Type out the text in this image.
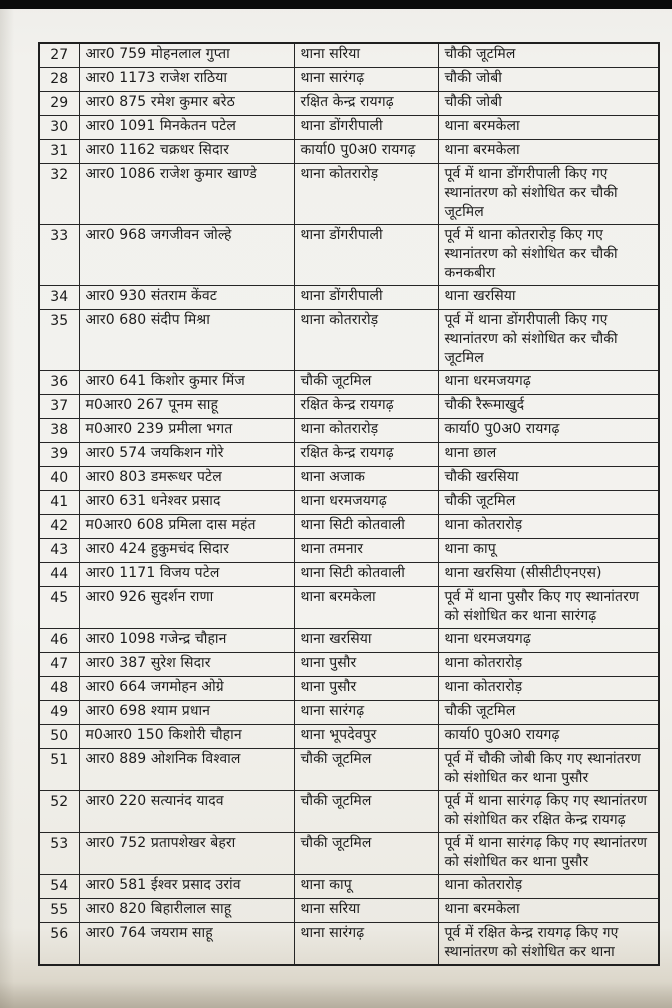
27	आर0 759 मोहनलाल गुप्ता	थाना सरिया	चौकी जूटमिल
28	आर0 1173 राजेश राठिया	थाना सारंगढ़	चौकी जोबी
29	आर0 875 रमेश कुमार बरेठ	रक्षित केन्द्र रायगढ़	चौकी जोबी
30	आर0 1091 मिनकेतन पटेल	थाना डोंगरीपाली	थाना बरमकेला
31	आर0 1162 चक्रधर सिदार	कार्या0 पु0अ0 रायगढ़	थाना बरमकेला
32	आर0 1086 राजेश कुमार खाण्डे	थाना कोतरारोड़	पूर्व में थाना डोंगरीपाली किए गए स्थानांतरण को संशोधित कर चौकी जूटमिल
33	आर0 968 जगजीवन जोल्हे	थाना डोंगरीपाली	पूर्व में थाना कोतरारोड़ किए गए स्थानांतरण को संशोधित कर चौकी कनकबीरा
34	आर0 930 संतराम केंवट	थाना डोंगरीपाली	थाना खरसिया
35	आर0 680 संदीप मिश्रा	थाना कोतरारोड़	पूर्व में थाना डोंगरीपाली किए गए स्थानांतरण को संशोधित कर चौकी जूटमिल
36	आर0 641 किशोर कुमार मिंज	चौकी जूटमिल	थाना धरमजयगढ़
37	म0आर0 267 पूनम साहू	रक्षित केन्द्र रायगढ़	चौकी रैरूमाखुर्द
38	म0आर0 239 प्रमीला भगत	थाना कोतरारोड़	कार्या0 पु0अ0 रायगढ़
39	आर0 574 जयकिशन गोरे	रक्षित केन्द्र रायगढ़	थाना छाल
40	आर0 803 डमरूधर पटेल	थाना अजाक	चौकी खरसिया
41	आर0 631 धनेश्वर प्रसाद	थाना धरमजयगढ़	चौकी जूटमिल
42	म0आर0 608 प्रमिला दास महंत	थाना सिटी कोतवाली	थाना कोतरारोड़
43	आर0 424 हुकुमचंद सिदार	थाना तमनार	थाना कापू
44	आर0 1171 विजय पटेल	थाना सिटी कोतवाली	थाना खरसिया (सीसीटीएनएस)
45	आर0 926 सुदर्शन राणा	थाना बरमकेला	पूर्व में थाना पुसौर किए गए स्थानांतरण को संशोधित कर थाना सारंगढ़
46	आर0 1098 गजेन्द्र चौहान	थाना खरसिया	थाना धरमजयगढ़
47	आर0 387 सुरेश सिदार	थाना पुसौर	थाना कोतरारोड़
48	आर0 664 जगमोहन ओग्रे	थाना पुसौर	थाना कोतरारोड़
49	आर0 698 श्याम प्रधान	थाना सारंगढ़	चौकी जूटमिल
50	म0आर0 150 किशोरी चौहान	थाना भूपदेवपुर	कार्या0 पु0अ0 रायगढ़
51	आर0 889 ओशनिक विश्वाल	चौकी जूटमिल	पूर्व में चौकी जोबी किए गए स्थानांतरण को संशोधित कर थाना पुसौर
52	आर0 220 सत्यानंद यादव	चौकी जूटमिल	पूर्व में थाना सारंगढ़ किए गए स्थानांतरण को संशोधित कर रक्षित केन्द्र रायगढ़
53	आर0 752 प्रतापशेखर बेहरा	चौकी जूटमिल	पूर्व में थाना सारंगढ़ किए गए स्थानांतरण को संशोधित कर थाना पुसौर
54	आर0 581 ईश्वर प्रसाद उरांव	थाना कापू	थाना कोतरारोड़
55	आर0 820 बिहारीलाल साहू	थाना सरिया	थाना बरमकेला
56	आर0 764 जयराम साहू	थाना सारंगढ़	पूर्व में रक्षित केन्द्र रायगढ़ किए गए स्थानांतरण को संशोधित कर थाना
